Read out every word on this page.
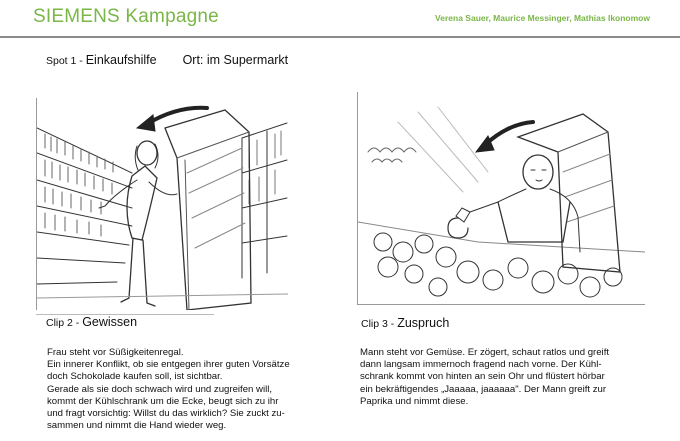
SIEMENS Kampagne	Verena Sauer, Maurice Messinger, Mathias Ikonomow
Spot 1 - Einkaufshilfe Ort: im Supermarkt
Clip 2 - Gewissen
Frau steht vor Süßigkeitenregal.
Ein innerer Konflikt, ob sie entgegen ihrer guten Vorsätze
doch Schokolade kaufen soll, ist sichtbar.
Gerade als sie doch schwach wird und zugreifen will,
kommt der Kühlschrank um die Ecke, beugt sich zu ihr
und fragt vorsichtig: Willst du das wirklich? Sie zuckt zu-
sammen und nimmt die Hand wieder weg.
Clip 3 - Zuspruch
Mann steht vor Gemüse. Er zögert, schaut ratlos und greift
dann langsam immernoch fragend nach vorne. Der Kühl-
schrank kommt von hinten an sein Ohr und flüstert hörbar
ein bekräftigendes „Jaaaaa, jaaaaaa". Der Mann greift zur
Paprika und nimmt diese.
